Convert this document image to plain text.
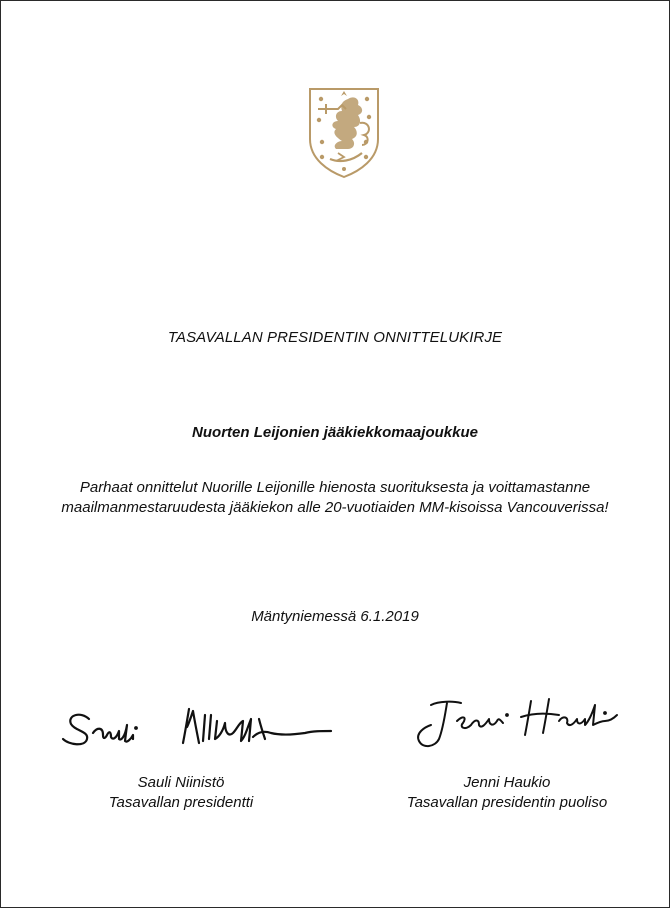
TASAVALLAN PRESIDENTIN ONNITTELUKIRJE
Nuorten Leijonien jääkiekkomaajoukkue
Parhaat onnittelut Nuorille Leijonille hienosta suorituksesta ja voittamastanne
maailmanmestaruudesta jääkiekon alle 20-vuotiaiden MM-kisoissa Vancouverissa!
Mäntyniemessä 6.1.2019
Sauli Niinistö
Tasavallan presidentti
Jenni Haukio
Tasavallan presidentin puoliso
